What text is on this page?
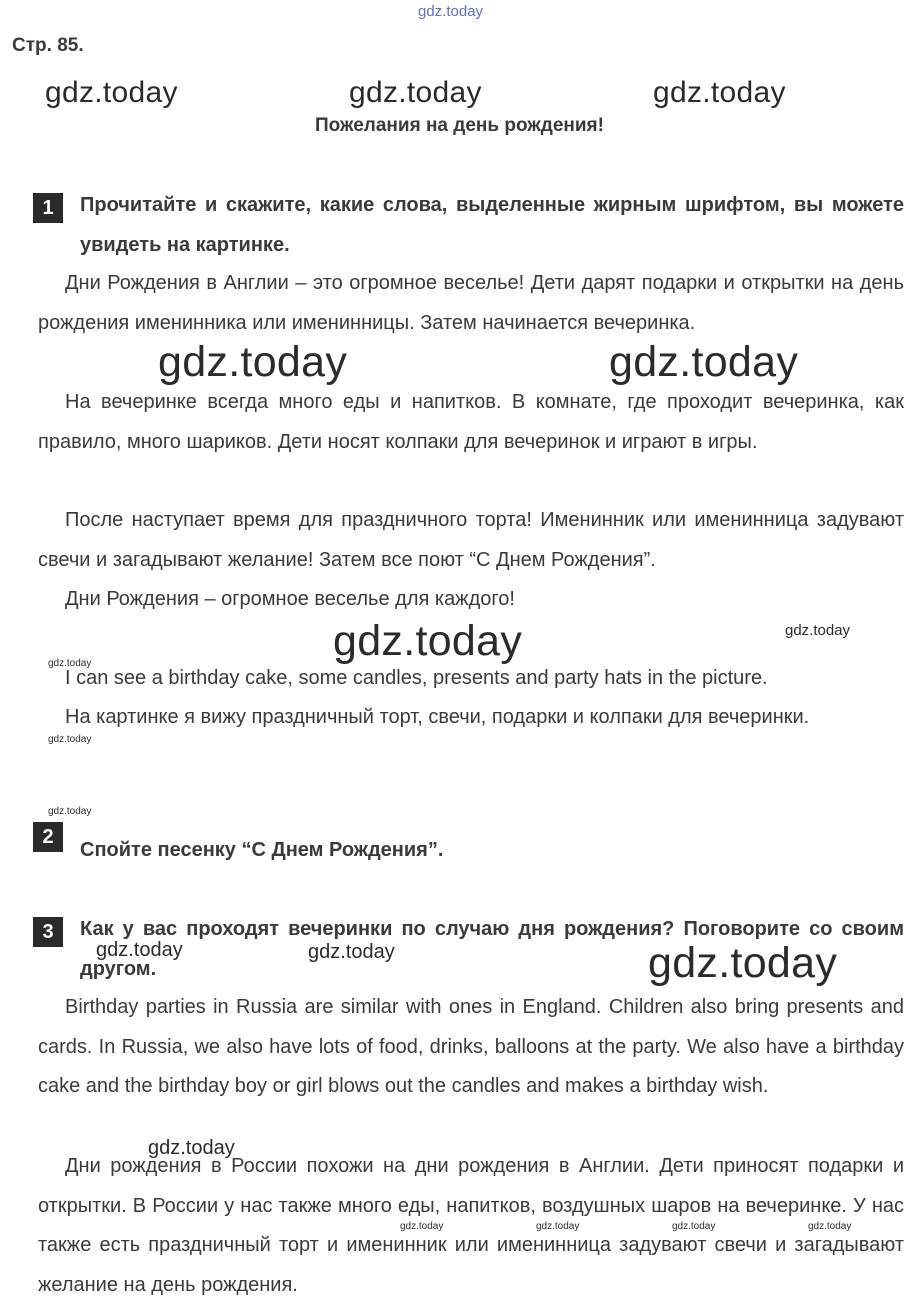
gdz.today
Стр. 85.
gdz.today	gdz.today	gdz.today
Пожелания на день рождения!
1	Прочитайте и скажите, какие слова, выделенные жирным шрифтом, вы можете увидеть на картинке.
Дни Рождения в Англии – это огромное веселье! Дети дарят подарки и открытки на день рождения именинника или именинницы. Затем начинается вечеринка.
На вечеринке всегда много еды и напитков. В комнате, где проходит вечеринка, как правило, много шариков. Дети носят колпаки для вечеринок и играют в игры.
После наступает время для праздничного торта! Именинник или именинница задувают свечи и загадывают желание! Затем все поют “С Днем Рождения”.
Дни Рождения – огромное веселье для каждого!
I can see a birthday cake, some candles, presents and party hats in the picture.
На картинке я вижу праздничный торт, свечи, подарки и колпаки для вечеринки.
gdz.today	gdz.today
gdz.today	gdz.today
gdz.today
gdz.today
gdz.today
2
Спойте песенку “С Днем Рождения”.
3	Как у вас проходят вечеринки по случаю дня рождения? Поговорите со своим другом.
gdz.today	gdz.today	gdz.today
Birthday parties in Russia are similar with ones in England. Children also bring presents and cards. In Russia, we also have lots of food, drinks, balloons at the party. We also have a birthday cake and the birthday boy or girl blows out the candles and makes a birthday wish.
Дни рождения в России похожи на дни рождения в Англии. Дети приносят подарки и открытки. В России у нас также много еды, напитков, воздушных шаров на вечеринке. У нас также есть праздничный торт и именинник или именинница задувают свечи и загадывают желание на день рождения.
gdz.today
gdz.today	gdz.today	gdz.today	gdz.today
